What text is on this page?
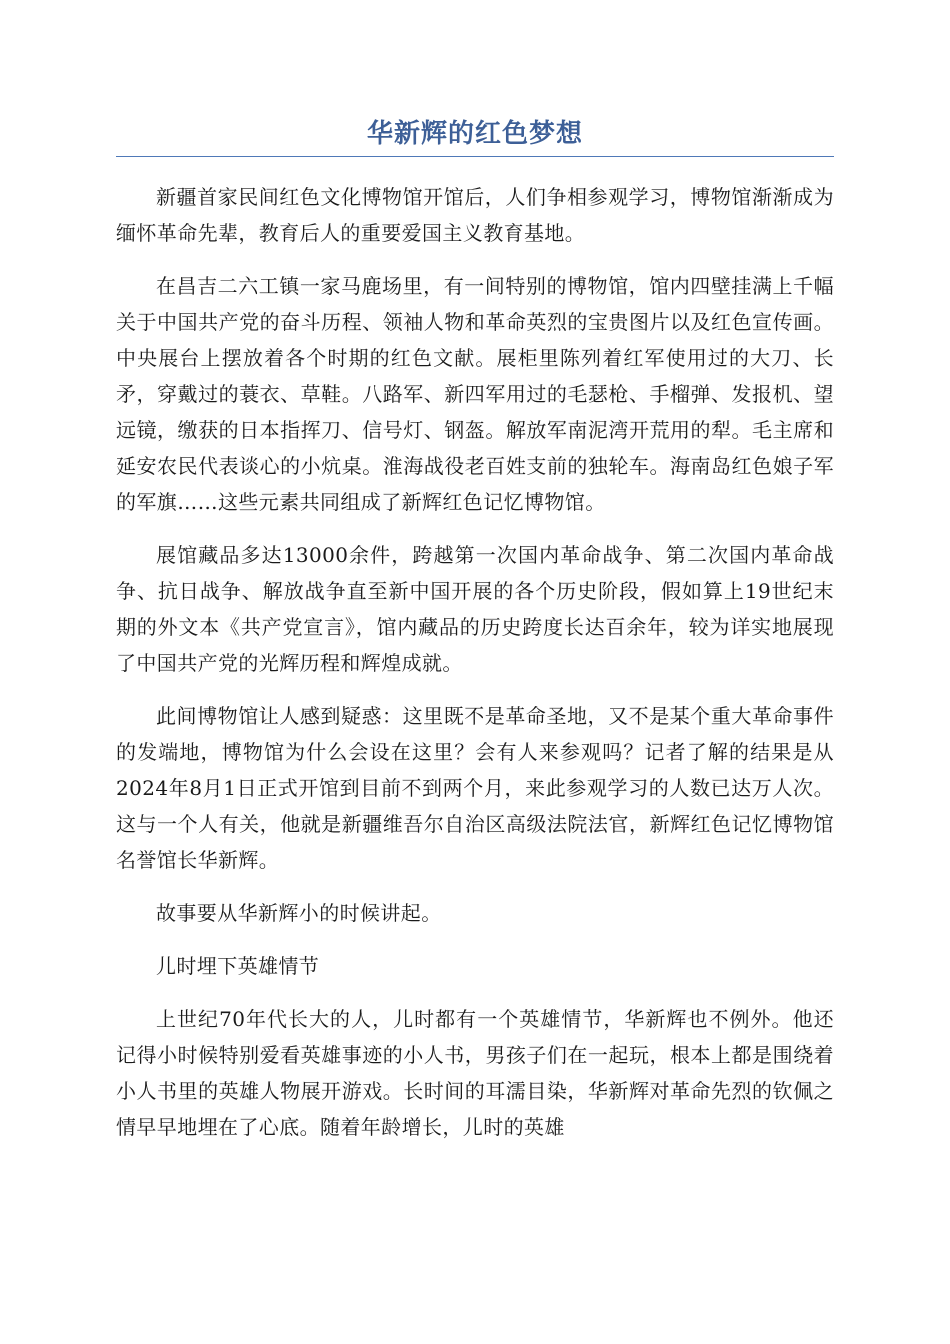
华新辉的红色梦想

新疆首家民间红色文化博物馆开馆后，人们争相参观学习，博物馆渐渐成为缅怀革命先辈，教育后人的重要爱国主义教育基地。

在昌吉二六工镇一家马鹿场里，有一间特别的博物馆，馆内四壁挂满上千幅关于中国共产党的奋斗历程、领袖人物和革命英烈的宝贵图片以及红色宣传画。中央展台上摆放着各个时期的红色文献。展柜里陈列着红军使用过的大刀、长矛，穿戴过的蓑衣、草鞋。八路军、新四军用过的毛瑟枪、手榴弹、发报机、望远镜，缴获的日本指挥刀、信号灯、钢盔。解放军南泥湾开荒用的犁。毛主席和延安农民代表谈心的小炕桌。淮海战役老百姓支前的独轮车。海南岛红色娘子军的军旗……这些元素共同组成了新辉红色记忆博物馆。

展馆藏品多达13000余件，跨越第一次国内革命战争、第二次国内革命战争、抗日战争、解放战争直至新中国开展的各个历史阶段，假如算上19世纪末期的外文本《共产党宣言》，馆内藏品的历史跨度长达百余年，较为详实地展现了中国共产党的光辉历程和辉煌成就。

此间博物馆让人感到疑惑：这里既不是革命圣地，又不是某个重大革命事件的发端地，博物馆为什么会设在这里？会有人来参观吗？记者了解的结果是从2024年8月1日正式开馆到目前不到两个月，来此参观学习的人数已达万人次。这与一个人有关，他就是新疆维吾尔自治区高级法院法官，新辉红色记忆博物馆名誉馆长华新辉。

故事要从华新辉小的时候讲起。

儿时埋下英雄情节

上世纪70年代长大的人，儿时都有一个英雄情节，华新辉也不例外。他还记得小时候特别爱看英雄事迹的小人书，男孩子们在一起玩，根本上都是围绕着小人书里的英雄人物展开游戏。长时间的耳濡目染，华新辉对革命先烈的钦佩之情早早地埋在了心底。随着年龄增长，儿时的英雄
